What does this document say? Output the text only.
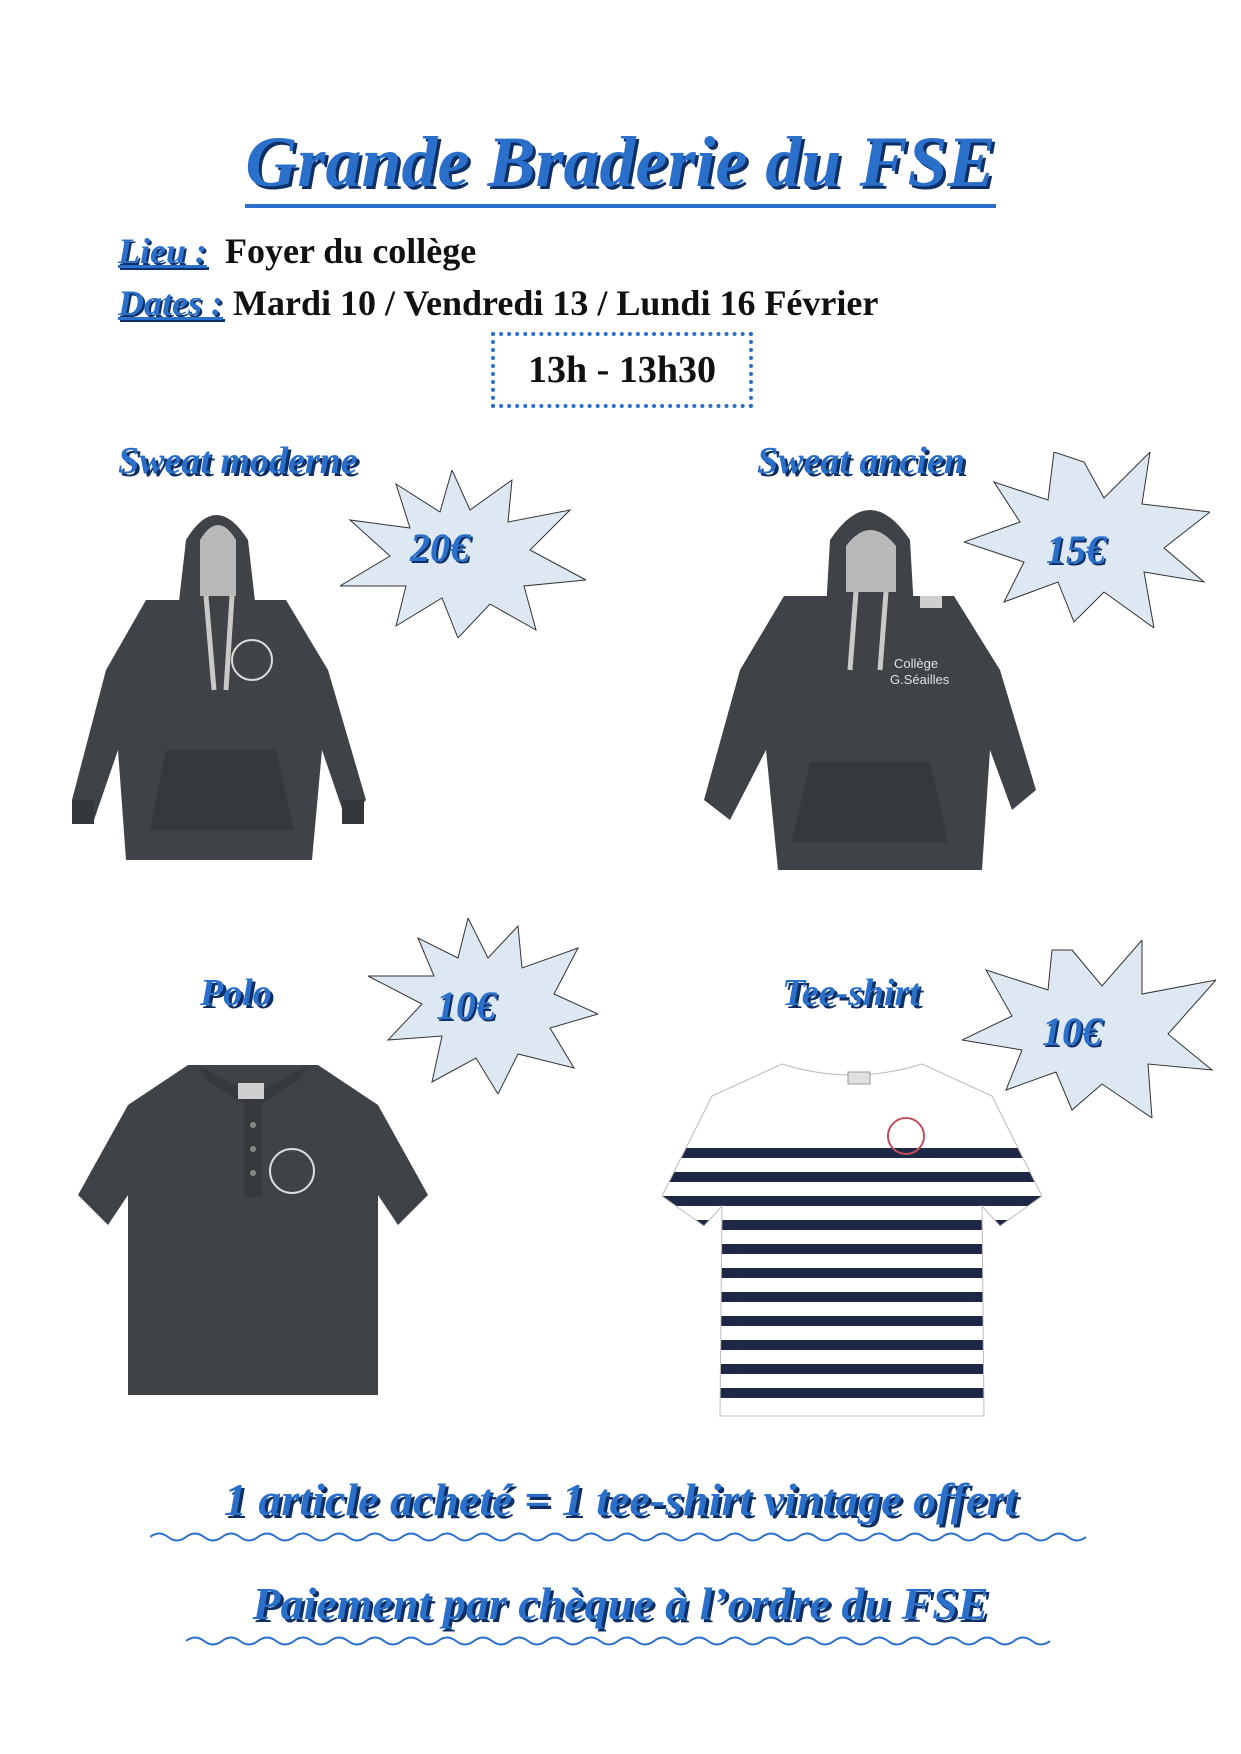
Grande Braderie du FSE
Lieu : Foyer du collège
Dates : Mardi 10 / Vendredi 13 / Lundi 16 Février
13h - 13h30
Sweat moderne
20€
Sweat ancien
15€
Collège
G.Séailles
Polo	10€	Tee-shirt
10€
1 article acheté = 1 tee-shirt vintage offert
Paiement par chèque à l’ordre du FSE
